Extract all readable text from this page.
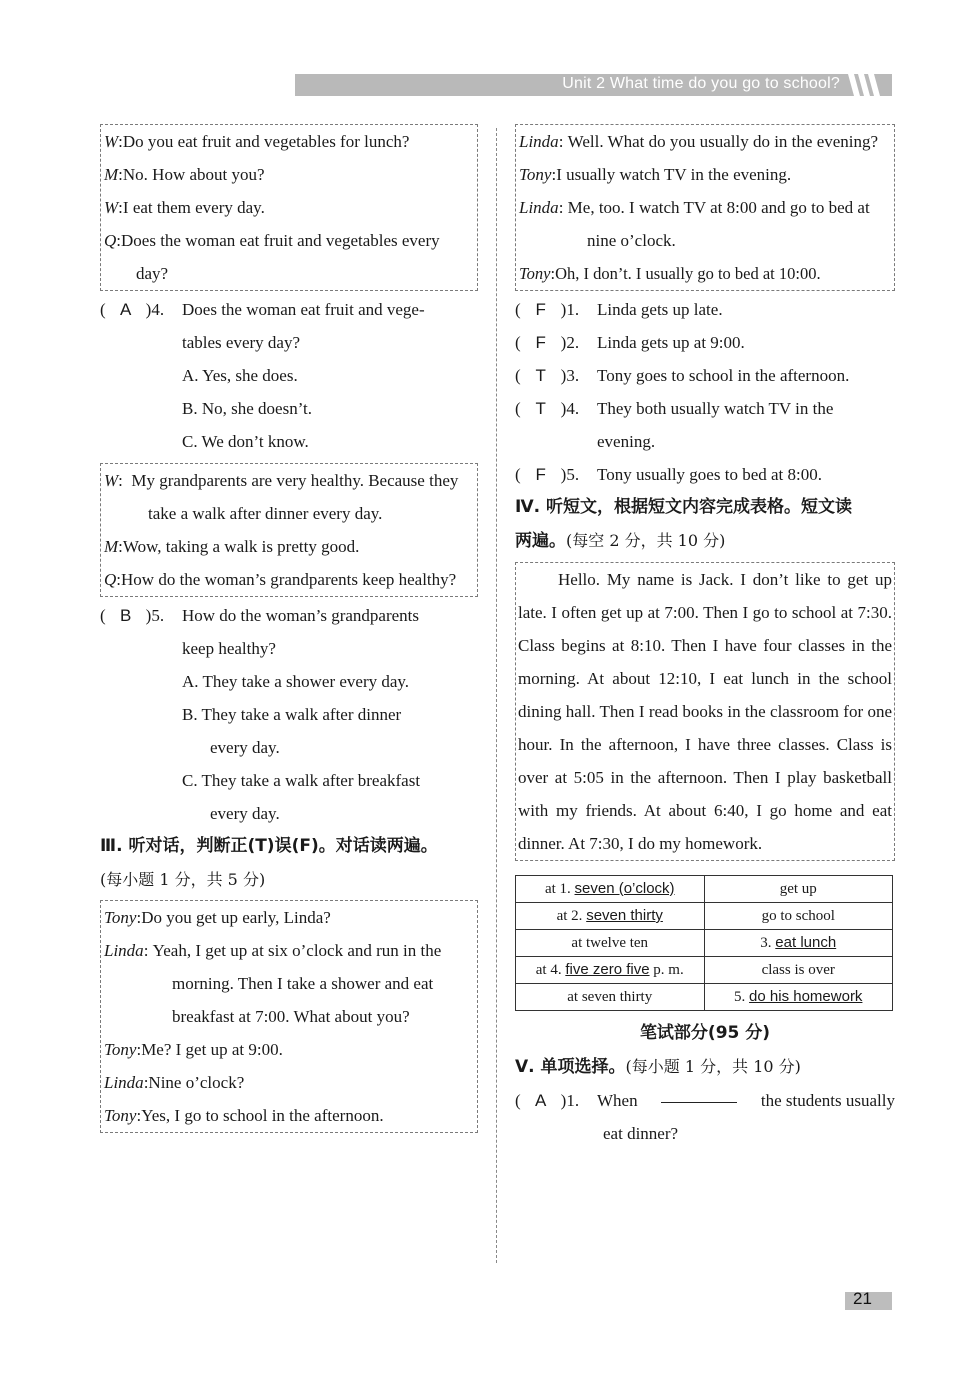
Unit 2 What time do you go to school?
W:Do you eat fruit and vegetables for lunch?
M:No. How about you?
W:I eat them every day.
Q:Does the woman eat fruit and vegetables every day?
( A )4. Does the woman eat fruit and vege-
tables every day?
A. Yes, she does.
B. No, she doesn’t.
C. We don’t know.
W:  My grandparents are very healthy. Because they take a walk after dinner every day.
M:Wow, taking a walk is pretty good.
Q:How do the woman’s grandparents keep healthy?
( B )5. How do the woman’s grandparents
keep healthy?
A. They take a shower every day.
B. They take a walk after dinner
every day.
C. They take a walk after breakfast
every day.
Ⅲ. 听对话，判断正(T)误(F)。对话读两遍。
(每小题 1 分，共 5 分)
Tony:Do you get up early, Linda?
Linda: Yeah, I get up at six o’clock and run in the morning. Then I take a shower and eat breakfast at 7:00. What about you?
Tony:Me? I get up at 9:00.
Linda:Nine o’clock?
Tony:Yes, I go to school in the afternoon.
Linda: Well. What do you usually do in the evening?
Tony:I usually watch TV in the evening.
Linda: Me, too. I watch TV at 8:00 and go to bed at nine o’clock.
Tony:Oh, I don’t. I usually go to bed at 10:00.
( F )1. Linda gets up late.
( F )2. Linda gets up at 9:00.
( T )3. Tony goes to school in the afternoon.
( T )4. They both usually watch TV in the
evening.
( F )5. Tony usually goes to bed at 8:00.
Ⅳ. 听短文，根据短文内容完成表格。短文读
两遍。(每空 2 分，共 10 分)
Hello. My name is Jack. I don’t like to get up late. I often get up at 7:00. Then I go to school at 7:30. Class begins at 8:10. Then I have four classes in the morning. At about 12:10, I eat lunch in the school dining hall. Then I read books in the classroom for one hour. In the afternoon, I have three classes. Class is over at 5:05 in the afternoon. Then I play basketball with my friends. At about 6:40, I go home and eat dinner. At 7:30, I do my homework.
at 1. seven (o’clock)	get up
at 2. seven thirty	go to school
at twelve ten	3. eat lunch
at 4. five zero five p. m.	class is over
at seven thirty	5. do his homework
笔试部分(95 分)
Ⅴ. 单项选择。(每小题 1 分，共 10 分)
( A )1. When	the students usually
eat dinner?
21
